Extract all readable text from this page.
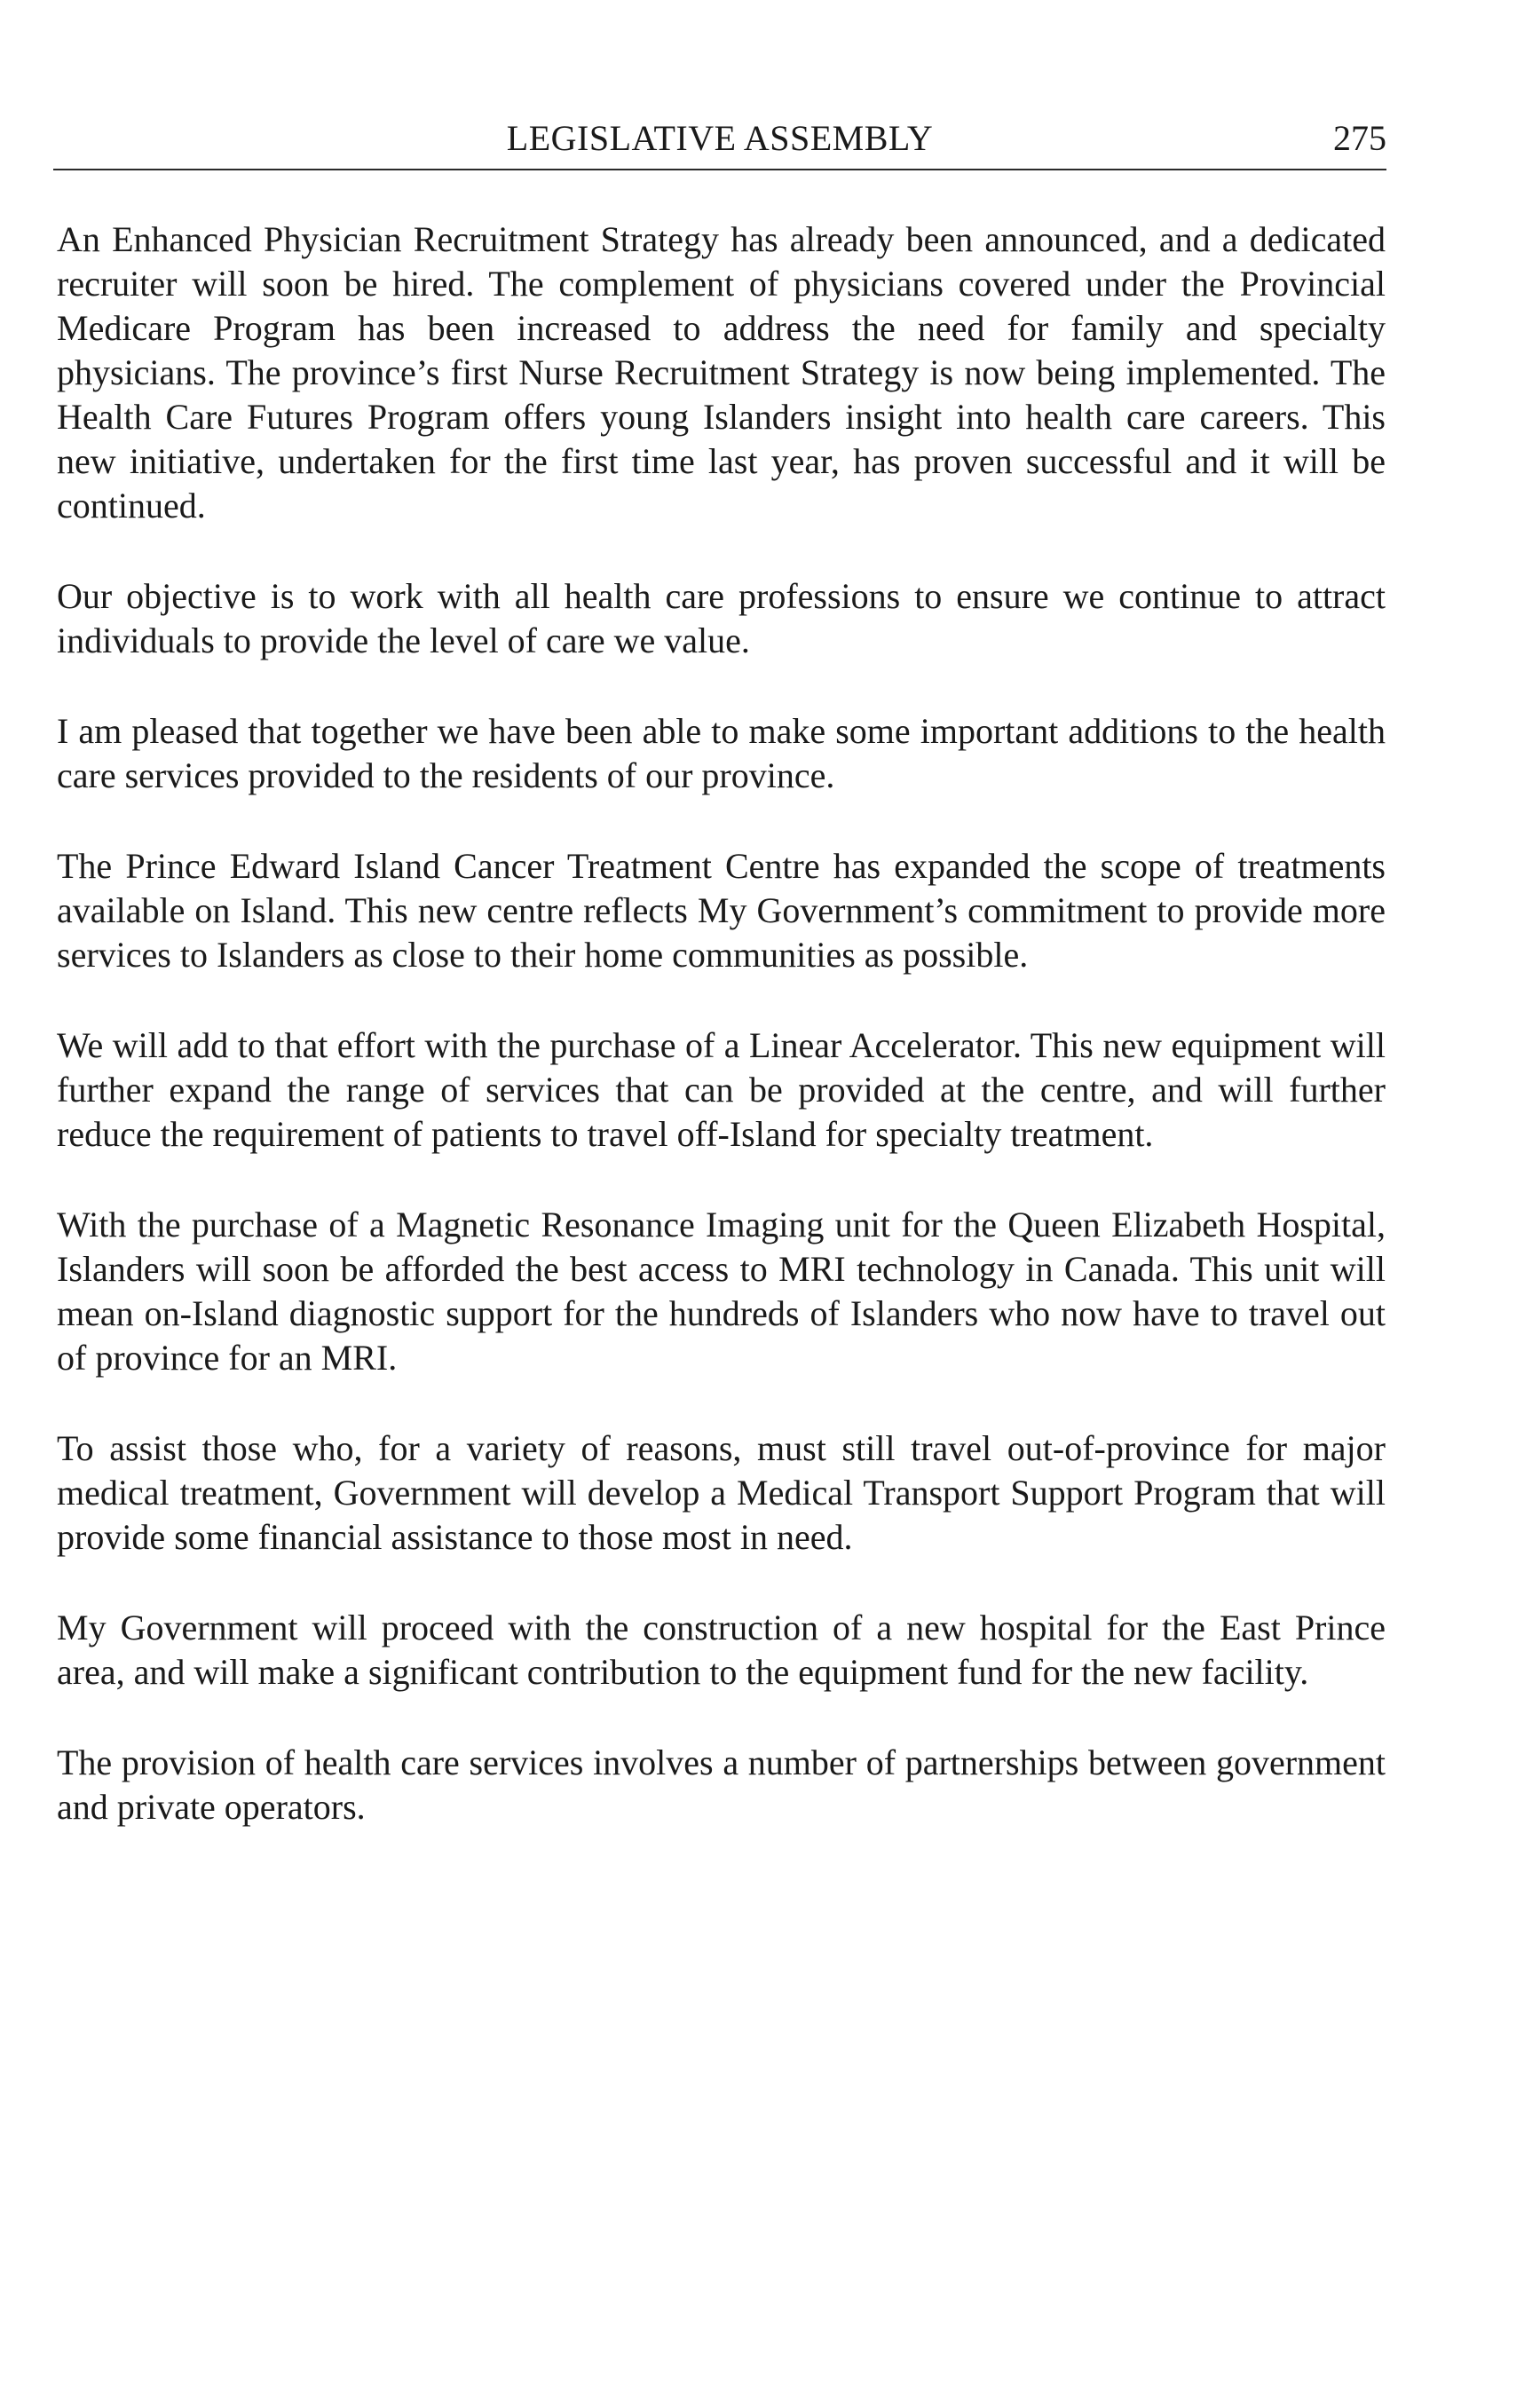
LEGISLATIVE ASSEMBLY	275

An Enhanced Physician Recruitment Strategy has already been announced, and a dedicated recruiter will soon be hired. The complement of physicians covered under the Provincial Medicare Program has been increased to address the need for family and specialty physicians. The province’s first Nurse Recruitment Strategy is now being implemented. The Health Care Futures Program offers young Islanders insight into health care careers. This new initiative, undertaken for the first time last year, has proven successful and it will be continued.

Our objective is to work with all health care professions to ensure we continue to attract individuals to provide the level of care we value.

I am pleased that together we have been able to make some important additions to the health care services provided to the residents of our province.

The Prince Edward Island Cancer Treatment Centre has expanded the scope of treatments available on Island. This new centre reflects My Government’s commitment to provide more services to Islanders as close to their home communities as possible.

We will add to that effort with the purchase of a Linear Accelerator. This new equipment will further expand the range of services that can be provided at the centre, and will further reduce the requirement of patients to travel off-Island for specialty treatment.

With the purchase of a Magnetic Resonance Imaging unit for the Queen Elizabeth Hospital, Islanders will soon be afforded the best access to MRI technology in Canada. This unit will mean on-Island diagnostic support for the hundreds of Islanders who now have to travel out of province for an MRI.

To assist those who, for a variety of reasons, must still travel out-of-province for major medical treatment, Government will develop a Medical Transport Support Program that will provide some financial assistance to those most in need.

My Government will proceed with the construction of a new hospital for the East Prince area, and will make a significant contribution to the equipment fund for the new facility.

The provision of health care services involves a number of partnerships between government and private operators.
